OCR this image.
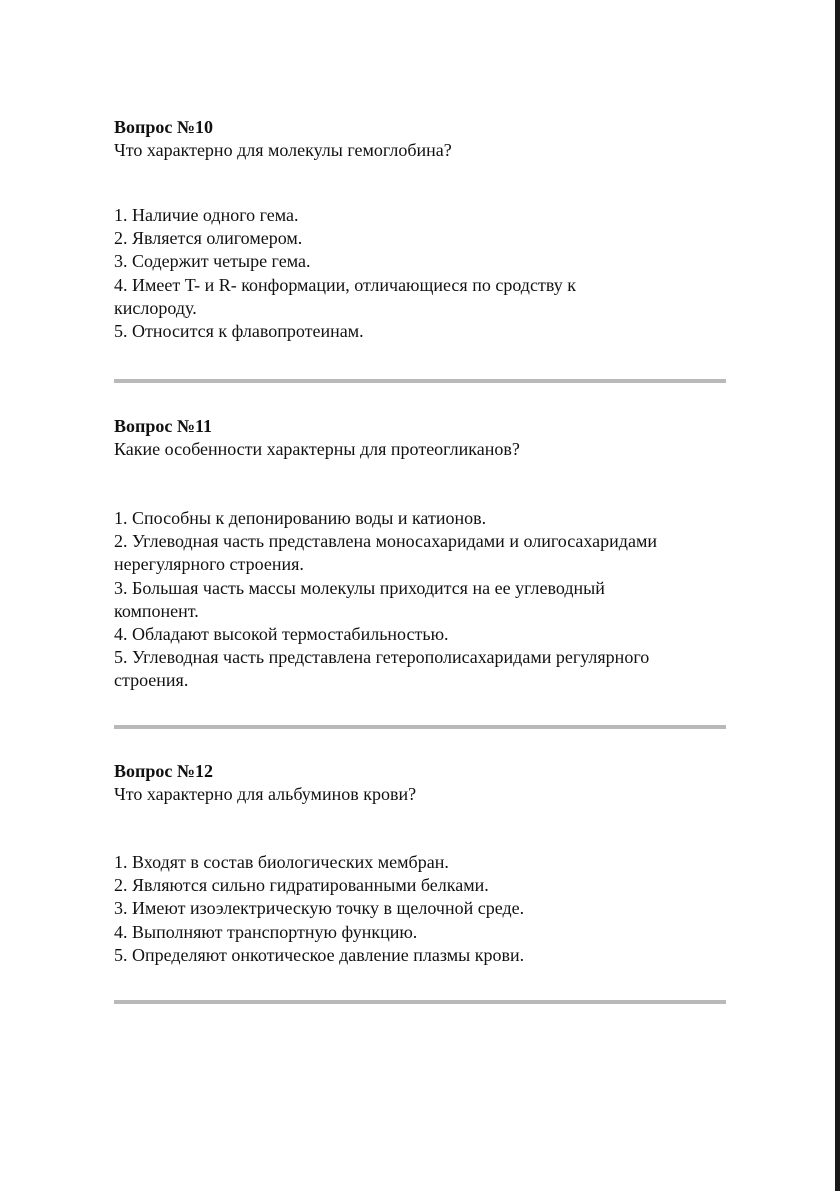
Вопрос №10

Что характерно для молекулы гемоглобина?

1. Наличие одного гема.
2. Является олигомером.
3. Содержит четыре гема.
4. Имеет T- и R- конформации, отличающиеся по сродству к
кислороду.
5. Относится к флавопротеинам.

Вопрос №11

Какие особенности характерны для протеогликанов?

1. Способны к депонированию воды и катионов.
2. Углеводная часть представлена моносахаридами и олигосахаридами
нерегулярного строения.
3. Большая часть массы молекулы приходится на ее углеводный
компонент.
4. Обладают высокой термостабильностью.
5. Углеводная часть представлена гетерополисахаридами регулярного
строения.

Вопрос №12

Что характерно для альбуминов крови?

1. Входят в состав биологических мембран.
2. Являются сильно гидратированными белками.
3. Имеют изоэлектрическую точку в щелочной среде.
4. Выполняют транспортную функцию.
5. Определяют онкотическое давление плазмы крови.
